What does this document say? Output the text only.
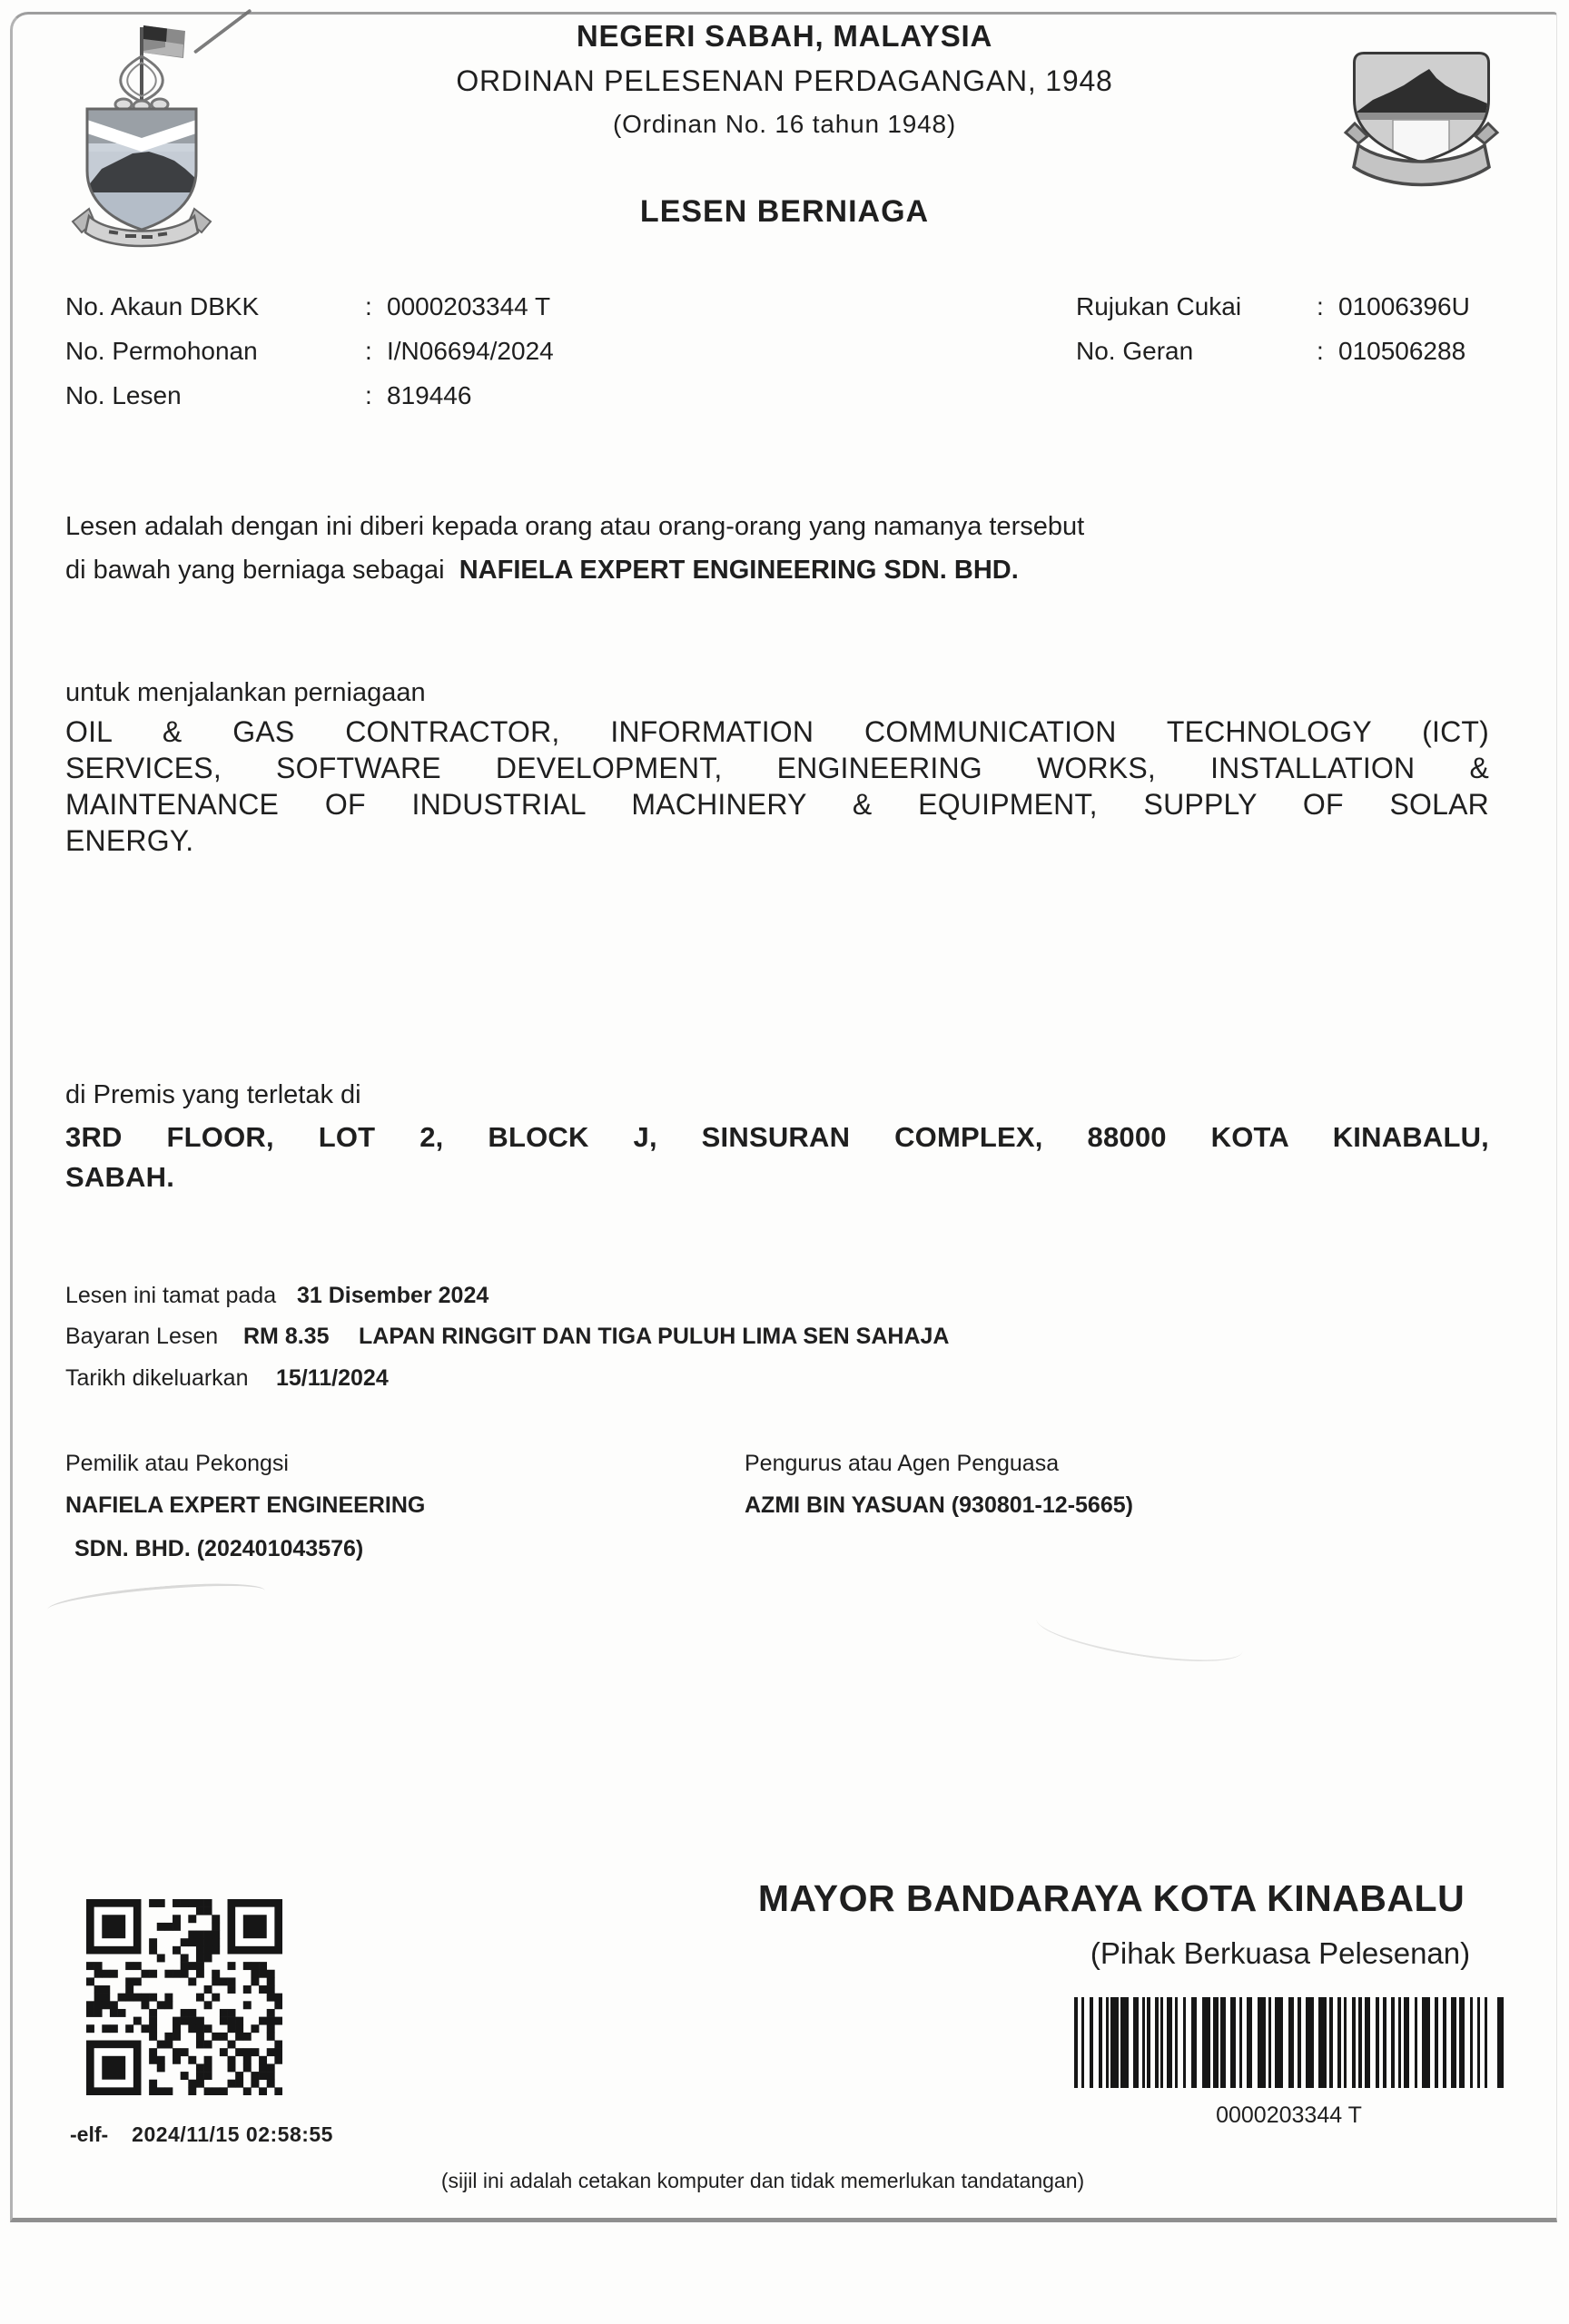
NEGERI SABAH, MALAYSIA
ORDINAN PELESENAN PERDAGANGAN, 1948
(Ordinan No. 16 tahun 1948)
LESEN BERNIAGA
No. Akaun DBKK	: 0000203344 T
No. Permohonan	: I/N06694/2024
No. Lesen	: 819446
Rujukan Cukai	: 01006396U
No. Geran	: 010506288
Lesen adalah dengan ini diberi kepada orang atau orang-orang yang namanya tersebut
di bawah yang berniaga sebagai NAFIELA EXPERT ENGINEERING SDN. BHD.
untuk menjalankan perniagaan
OIL & GAS CONTRACTOR, INFORMATION COMMUNICATION TECHNOLOGY (ICT)
SERVICES, SOFTWARE DEVELOPMENT, ENGINEERING WORKS, INSTALLATION &
MAINTENANCE OF INDUSTRIAL MACHINERY & EQUIPMENT, SUPPLY OF SOLAR
ENERGY.
di Premis yang terletak di
3RD FLOOR, LOT 2, BLOCK J, SINSURAN COMPLEX, 88000 KOTA KINABALU,
SABAH.
Lesen ini tamat pada 31 Disember 2024
Bayaran Lesen RM 8.35 LAPAN RINGGIT DAN TIGA PULUH LIMA SEN SAHAJA
Tarikh dikeluarkan 15/11/2024
Pemilik atau Pekongsi
NAFIELA EXPERT ENGINEERING
SDN. BHD. (202401043576)
Pengurus atau Agen Penguasa
AZMI BIN YASUAN (930801-12-5665)
-elf- 2024/11/15 02:58:55
MAYOR BANDARAYA KOTA KINABALU
(Pihak Berkuasa Pelesenan)
0000203344 T
(sijil ini adalah cetakan komputer dan tidak memerlukan tandatangan)
